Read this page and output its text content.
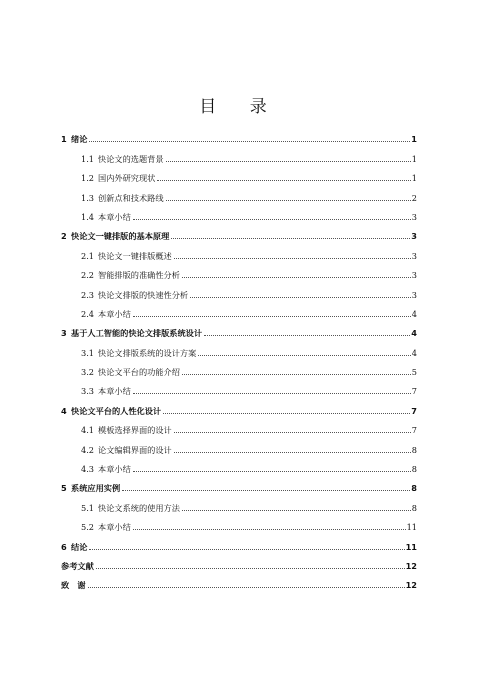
目 录
1 绪论	1
1.1 快论文的选题背景	1
1.2 国内外研究现状	1
1.3 创新点和技术路线	2
1.4 本章小结	3
2 快论文一键排版的基本原理	3
2.1 快论文一键排版概述	3
2.2 智能排版的准确性分析	3
2.3 快论文排版的快速性分析	3
2.4 本章小结	4
3 基于人工智能的快论文排版系统设计	4
3.1 快论文排版系统的设计方案	4
3.2 快论文平台的功能介绍	5
3.3 本章小结	7
4 快论文平台的人性化设计	7
4.1 模板选择界面的设计	7
4.2 论文编辑界面的设计	8
4.3 本章小结	8
5 系统应用实例	8
5.1 快论文系统的使用方法	8
5.2 本章小结	11
6 结论	11
参考文献	12
致　谢	12
